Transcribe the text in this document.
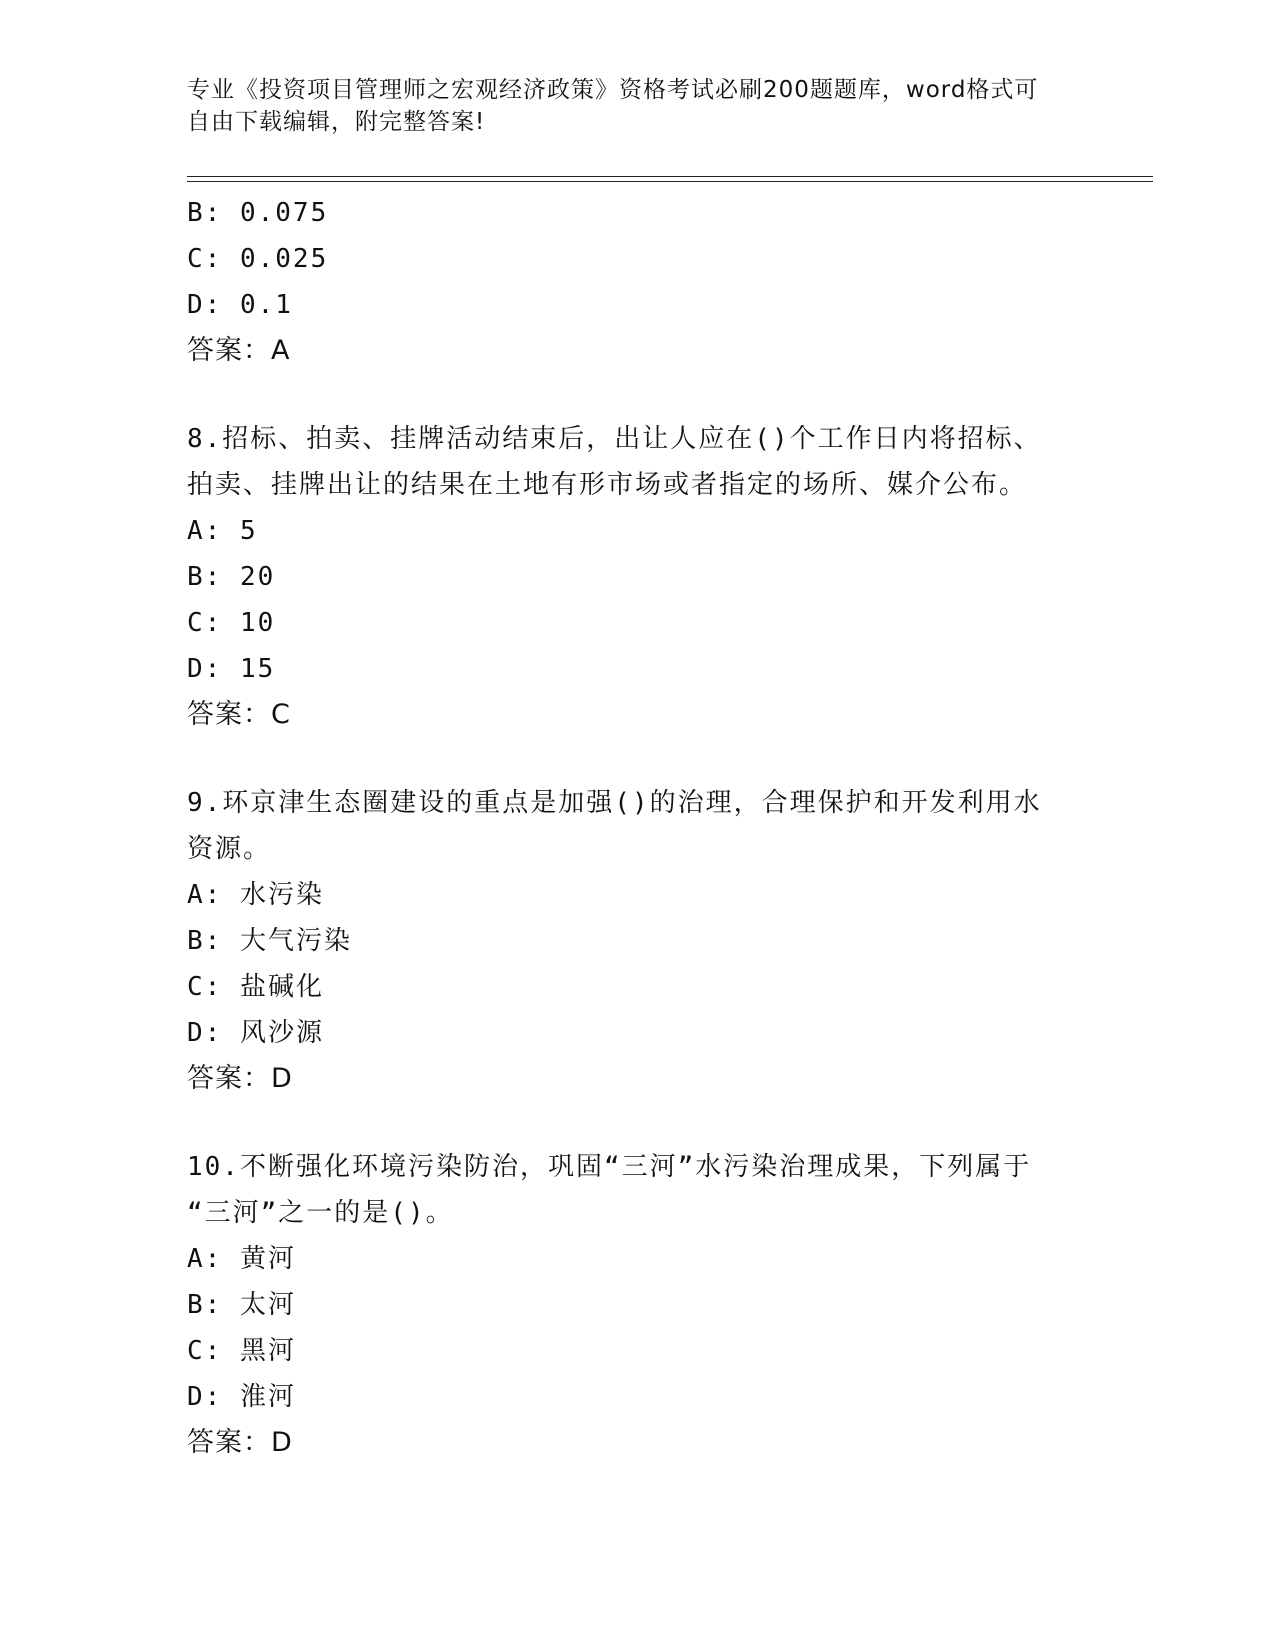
专业《投资项目管理师之宏观经济政策》资格考试必刷200题题库，word格式可
自由下载编辑，附完整答案!
B: 0.075
C: 0.025
D: 0.1
答案：A
8.招标、拍卖、挂牌活动结束后，出让人应在()个工作日内将招标、
拍卖、挂牌出让的结果在土地有形市场或者指定的场所、媒介公布。
A: 5
B: 20
C: 10
D: 15
答案：C
9.环京津生态圈建设的重点是加强()的治理，合理保护和开发利用水
资源。
A: 水污染
B: 大气污染
C: 盐碱化
D: 风沙源
答案：D
10.不断强化环境污染防治，巩固“三河”水污染治理成果，下列属于
“三河”之一的是()。
A: 黄河
B: 太河
C: 黑河
D: 淮河
答案：D
